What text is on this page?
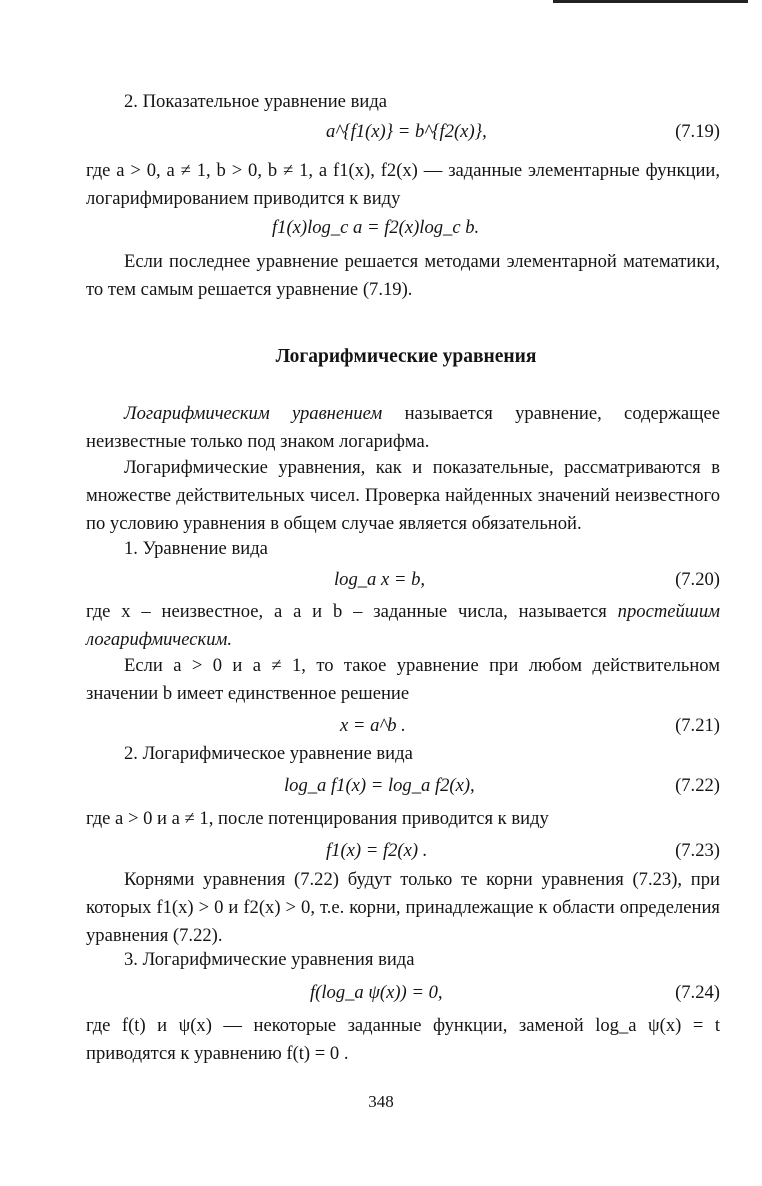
2. Показательное уравнение вида

a^{f1(x)} = b^{f2(x)},	(7.19)

где a > 0, a ≠ 1, b > 0, b ≠ 1, а f1(x), f2(x) — заданные элементарные функции, логарифмированием приводится к виду

f1(x)log_c a = f2(x)log_c b.

Если последнее уравнение решается методами элементарной математики, то тем самым решается уравнение (7.19).

Логарифмические уравнения

Логарифмическим уравнением называется уравнение, содержащее неизвестные только под знаком логарифма.

Логарифмические уравнения, как и показательные, рассматриваются в множестве действительных чисел. Проверка найденных значений неизвестного по условию уравнения в общем случае является обязательной.

1. Уравнение вида

log_a x = b,	(7.20)

где x – неизвестное, а a и b – заданные числа, называется простейшим логарифмическим.

Если a > 0 и a ≠ 1, то такое уравнение при любом действительном значении b имеет единственное решение

x = a^b .	(7.21)

2. Логарифмическое уравнение вида

log_a f1(x) = log_a f2(x),	(7.22)

где a > 0 и a ≠ 1, после потенцирования приводится к виду

f1(x) = f2(x) .	(7.23)

Корнями уравнения (7.22) будут только те корни уравнения (7.23), при которых f1(x) > 0 и f2(x) > 0, т.е. корни, принадлежащие к области определения уравнения (7.22).

3. Логарифмические уравнения вида

f(log_a ψ(x)) = 0,	(7.24)

где f(t) и ψ(x) — некоторые заданные функции, заменой log_a ψ(x) = t приводятся к уравнению f(t) = 0 .

348
